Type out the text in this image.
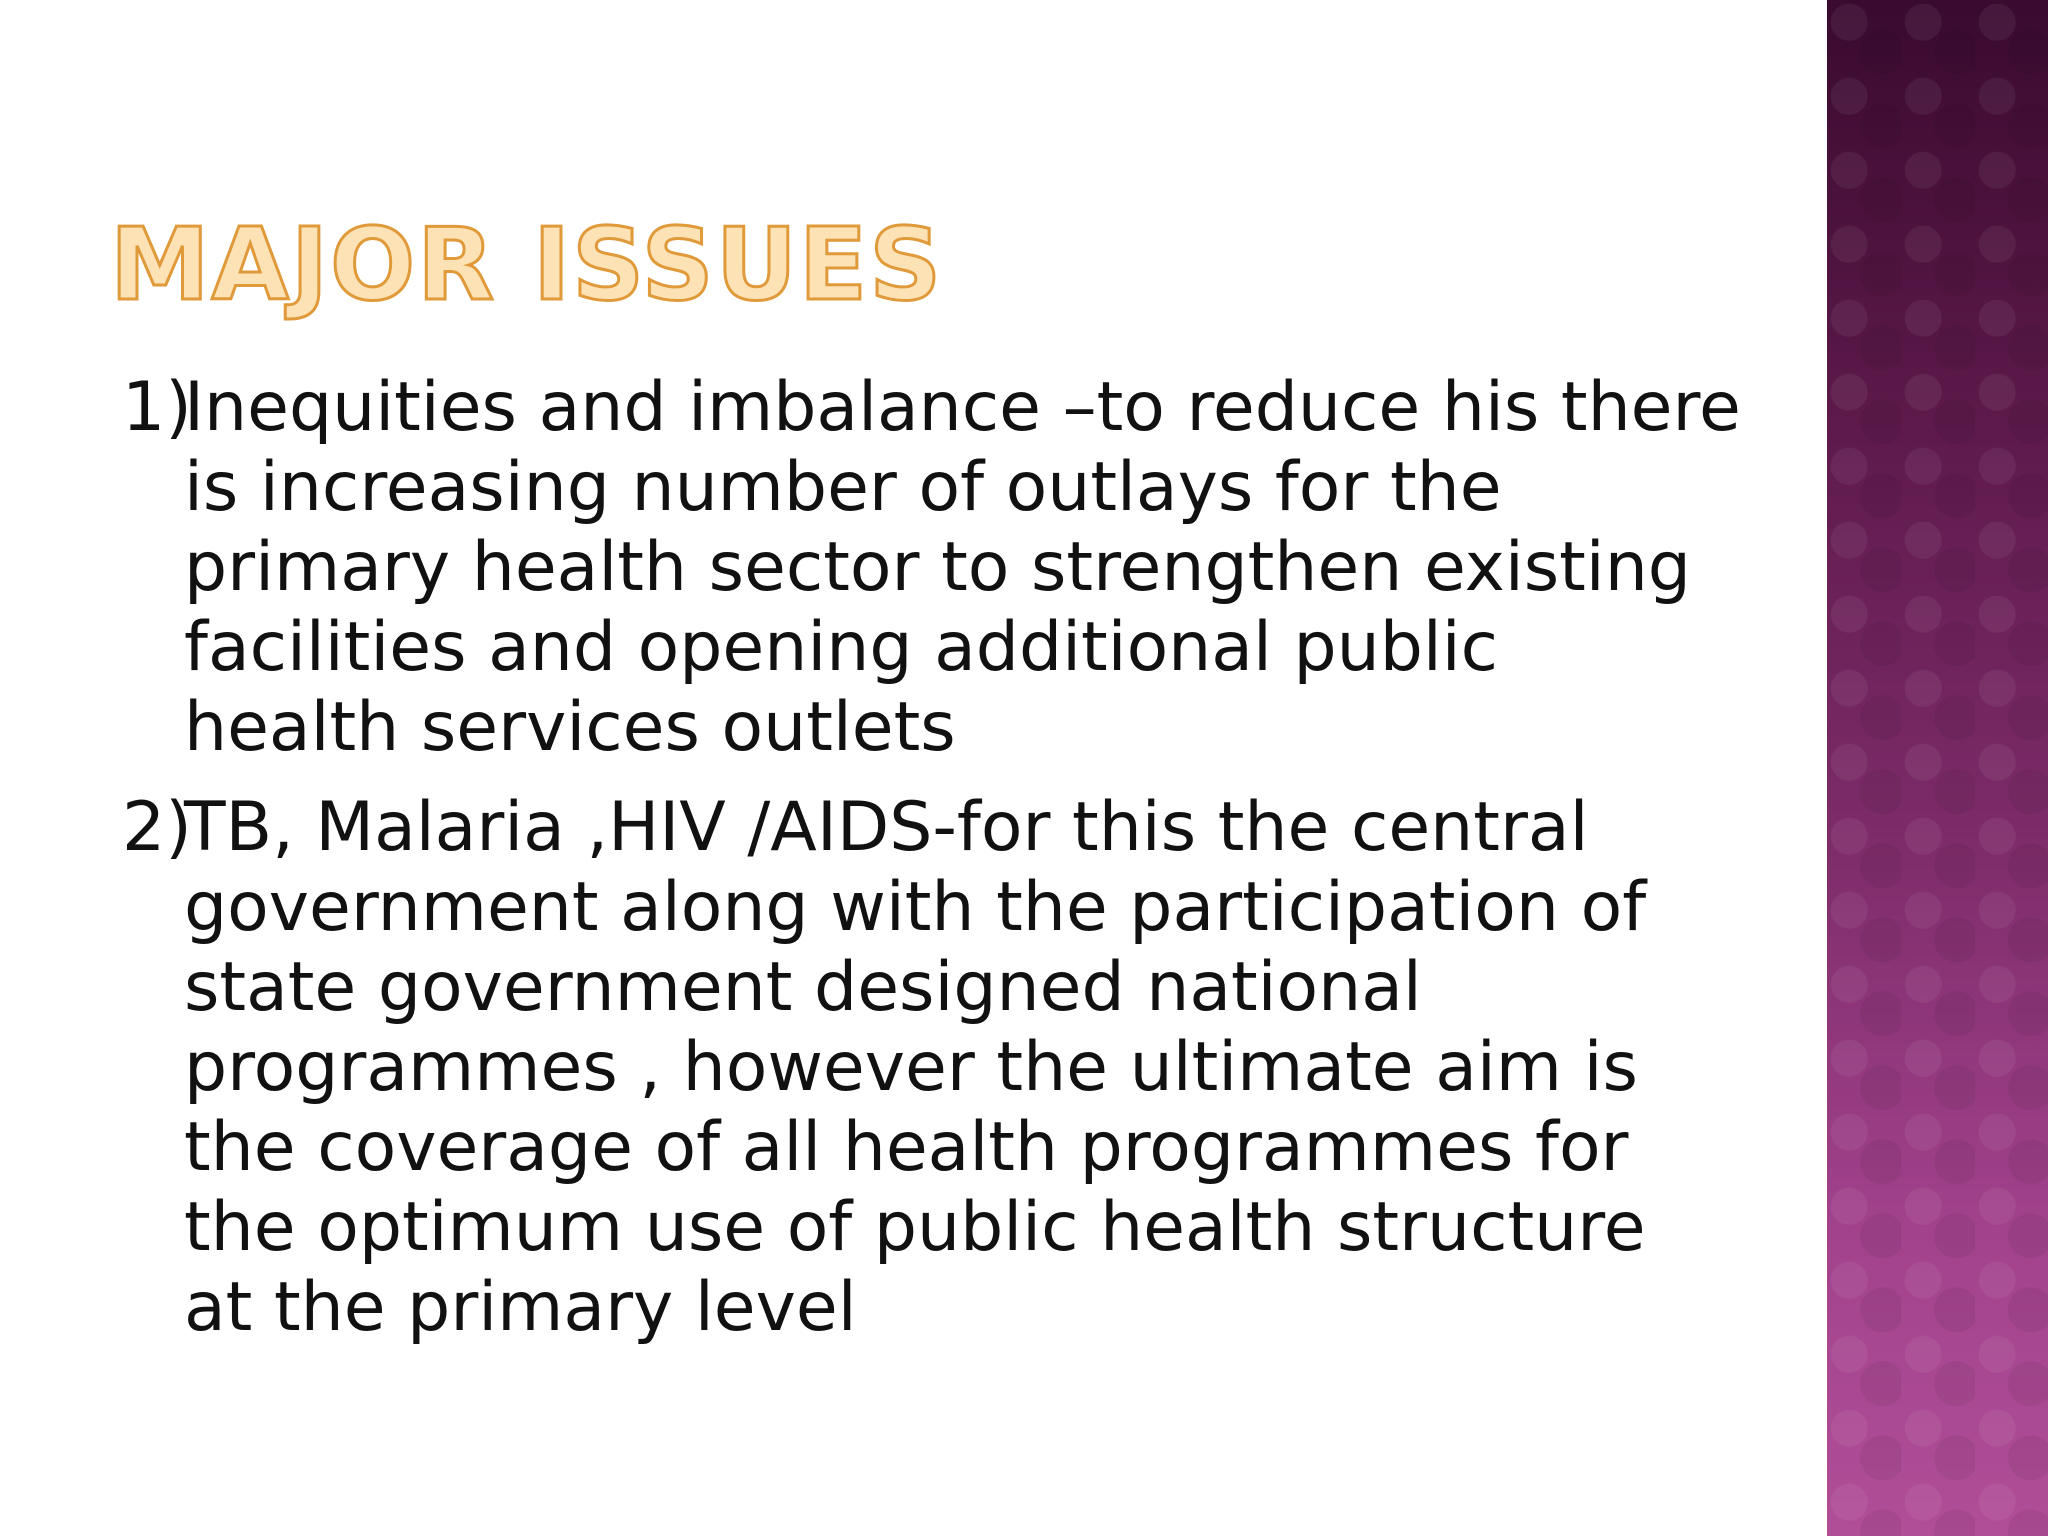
MAJOR ISSUES
1)
Inequities and imbalance –to reduce his there
is increasing number of outlays for the
primary health sector to strengthen existing
facilities and opening additional public
health services outlets
2)
TB, Malaria ,HIV /AIDS-for this the central
government along with the participation of
state government designed national
programmes , however the ultimate aim is
the coverage of all health programmes for
the optimum use of public health structure
at the primary level
